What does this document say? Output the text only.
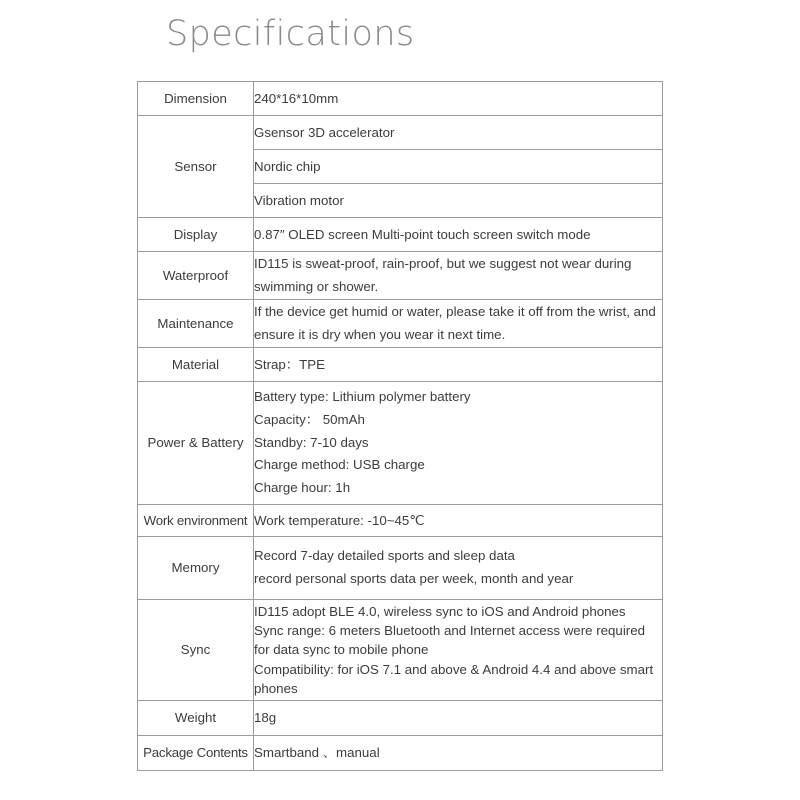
Specifications
Dimension	240*16*10mm

Sensor	Gsensor 3D accelerator

	Nordic chip

	Vibration motor

Display	0.87″ OLED screen Multi-point touch screen switch mode

Waterproof	ID115 is sweat-proof, rain-proof, but we suggest not wear during swimming or shower.

Maintenance	If the device get humid or water, please take it off from the wrist, and ensure it is dry when you wear it next time.

Material	Strap：TPE

Power & Battery	Battery type: Lithium polymer battery
Capacity： 50mAh
Standby: 7-10 days
Charge method: USB charge
Charge hour: 1h

Work environment	Work temperature: -10~45℃

Memory	Record 7-day detailed sports and sleep data
record personal sports data per week, month and year

Sync	ID115 adopt BLE 4.0, wireless sync to iOS and Android phones
Sync range: 6 meters Bluetooth and Internet access were required for data sync to mobile phone
Compatibility: for iOS 7.1 and above & Android 4.4 and above smart phones

Weight	18g

Package Contents	Smartband 、manual
